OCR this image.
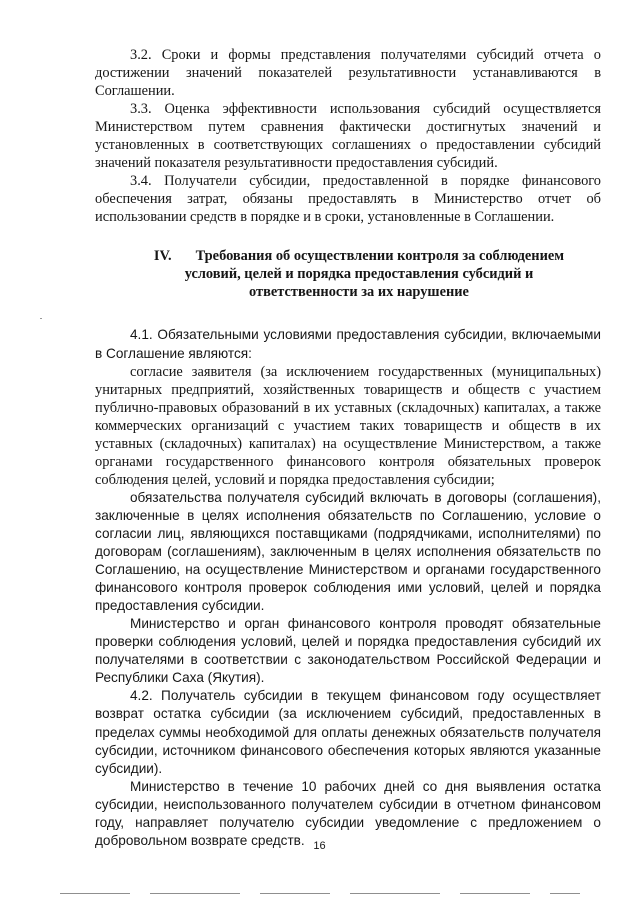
3.2. Сроки и формы представления получателями субсидий отчета о достижении значений показателей результативности устанавливаются в Соглашении.

3.3. Оценка эффективности использования субсидий осуществляется Министерством путем сравнения фактически достигнутых значений и установленных в соответствующих соглашениях о предоставлении субсидий значений показателя результативности предоставления субсидий.

3.4. Получатели субсидии, предоставленной в порядке финансового обеспечения затрат, обязаны предоставлять в Министерство отчет об использовании средств в порядке и в сроки, установленные в Соглашении.

IV. Требования об осуществлении контроля за соблюдением условий, целей и порядка предоставления субсидий и ответственности за их нарушение

4.1. Обязательными условиями предоставления субсидии, включаемыми в Соглашение являются:

согласие заявителя (за исключением государственных (муниципальных) унитарных предприятий, хозяйственных товариществ и обществ с участием публично-правовых образований в их уставных (складочных) капиталах, а также коммерческих организаций с участием таких товариществ и обществ в их уставных (складочных) капиталах) на осуществление Министерством, а также органами государственного финансового контроля обязательных проверок соблюдения целей, условий и порядка предоставления субсидии;

обязательства получателя субсидий включать в договоры (соглашения), заключенные в целях исполнения обязательств по Соглашению, условие о согласии лиц, являющихся поставщиками (подрядчиками, исполнителями) по договорам (соглашениям), заключенным в целях исполнения обязательств по Соглашению, на осуществление Министерством и органами государственного финансового контроля проверок соблюдения ими условий, целей и порядка предоставления субсидии.

Министерство и орган финансового контроля проводят обязательные проверки соблюдения условий, целей и порядка предоставления субсидий их получателями в соответствии с законодательством Российской Федерации и Республики Саха (Якутия).

4.2. Получатель субсидии в текущем финансовом году осуществляет возврат остатка субсидии (за исключением субсидий, предоставленных в пределах суммы необходимой для оплаты денежных обязательств получателя субсидии, источником финансового обеспечения которых являются указанные субсидии).

Министерство в течение 10 рабочих дней со дня выявления остатка субсидии, неиспользованного получателем субсидии в отчетном финансовом году, направляет получателю субсидии уведомление с предложением о добровольном возврате средств. 16
